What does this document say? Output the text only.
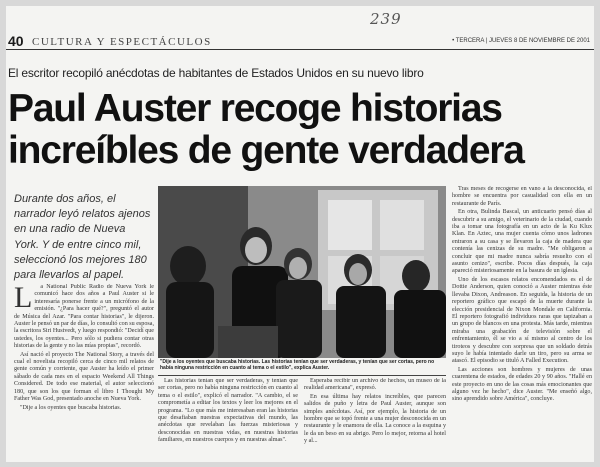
239
40 CULTURA Y ESPECTÁCULOS	• TERCERA | JUEVES 8 DE NOVIEMBRE DE 2001
El escritor recopiló anécdotas de habitantes de Estados Unidos en su nuevo libro
Paul Auster recoge historias increíbles de gente verdadera
Durante dos años, el narrador leyó relatos ajenos en una radio de Nueva York. Y de entre cinco mil, seleccionó los mejores 180 para llevarlos al papel.
"Dije a los oyentes que buscaba historias. Las historias tenían que ser verdaderas, y tenían que ser cortas, pero no había ninguna restricción en cuanto al tema o el estilo", explica Auster.
L	a National Public Radio de Nueva York le comunicó hace dos años a Paul Auster si le interesaría ponerse frente a un micrófono de la emisión. "¿Para hacer qué?", preguntó el autor de Música del Azar. "Para contar historias", le dijeron. Auster le pensó un par de días, lo consultó con su esposa, la escritora Siri Hustvedt, y luego respondió: "Decidí que ustedes, los oyentes... Pero sólo si pudiera contar otras historias de la gente y no las mías propias", recordó.

Así nació el proyecto The National Story, a través del cual el novelista recopiló cerca de cinco mil relatos de gente común y corriente, que Auster ha leído el primer sábado de cada mes en el espacio Weekend All Things Considered. De todo ese material, el autor seleccionó 180, que son los que forman el libro I Thought My Father Was God, presentado anoche en Nueva York.

"Dije a los oyentes que buscaba historias.

Las historias tenían que ser verdaderas, y tenían que ser cortas, pero no había ninguna restricción en cuanto al tema o el estilo", explicó el narrador. "A cambio, el se comprometía a editar los textos y leer los mejores en el programa. "Lo que más me interesaban eran las historias que desafiaban nuestras expectativas del mundo, las anécdotas que revelaban las fuerzas misteriosas y desconocidas en nuestras vidas, en nuestras historias familiares, en nuestros cuerpos y en nuestras almas".

Esperaba recibir un archivo de hechos, un museo de la realidad americana", expresó.

En esa última hay relatos increíbles, que parecen salidos de puño y letra de Paul Auster, aunque son simples anécdotas. Así, por ejemplo, la historia de un hombre que se topó frente a una mujer desconocida en un restaurante y le enamora de ella. La conoce a la esquina y le da un beso en su abrigo. Pero lo mejor, retorna al hotel y al...

Tras meses de recogerse en vano a la desconocida, el hombre se encuentra por casualidad con ella en un restaurante de París.

En otra, Bulinda Bascal, un anticuario pensó días al descubrir a su amigo, el veterinario de la ciudad, cuando iba a tomar una fotografía en un acto de la Ku Klux Klan. En Aztec, una mujer cuenta cómo unos ladrones entraron a su casa y se llevaron la caja de madera que contenía las cenizas de su madre. "Me obligaron a concluir que mi madre nunca sabría resuelto con el asunto cenizo", escribe. Pocos días después, la caja apareció misteriosamente en la basura de un iglesia.

Uno de los escasos relatos encomendados es el de Dottie Anderson, quien conoció a Auster mientras éste llevaba Dixon, Andreason. En seguida, la historia de un reportero gráfico que escapó de la muerte durante la elección presidencial de Nixon Mondale en California. El reportero fotografió individuos raras que tapizaban a un grupo de blancos en una protesta. Más tarde, mientras miraba una grabación de televisión sobre el enfrentamiento, él se vio a sí mismo al centro de los tiroteos y descubre con sorpresa que un soldado detrás suyo le había intentado darle un tiro, pero su arma se atascó. El episodio se tituló A Falled Execution.

Las acciones son hombres y mujeres de unas cuarentena de estados, de edades 20 y 90 años. "Hallé en este proyecto en uno de las cosas más emocionantes que alguno vez he hecho", dice Auster. "Me enseñó algo, sino aprendido sobre América", concluye.
